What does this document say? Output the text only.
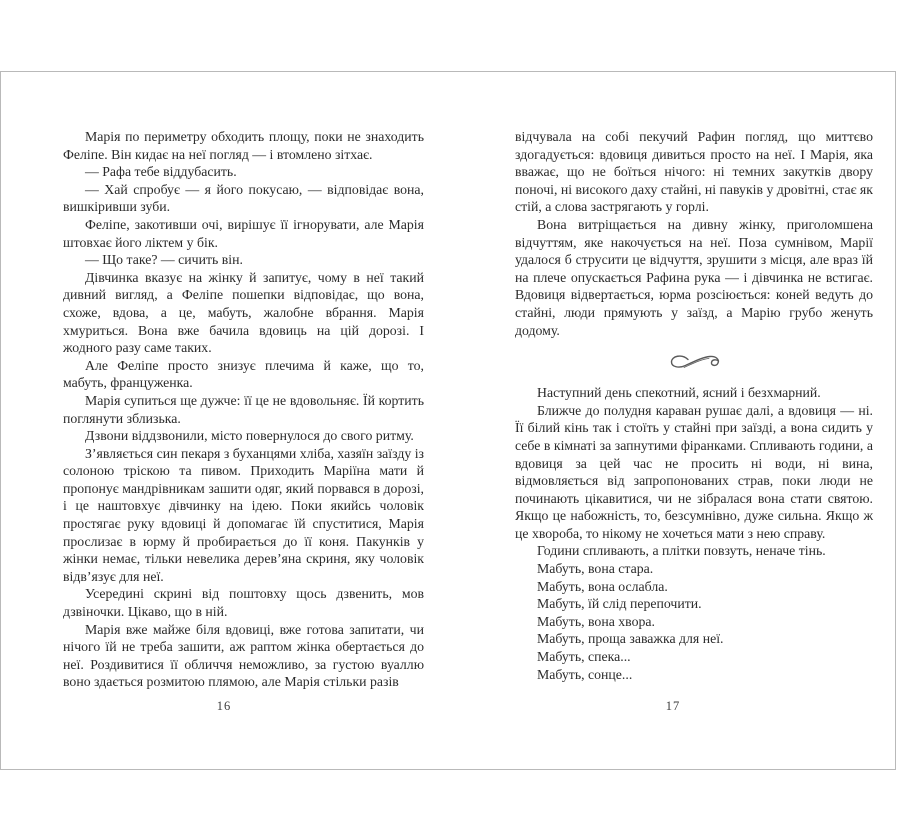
Марія по периметру обходить площу, поки не знаходить Феліпе. Він кидає на неї погляд — і втомлено зітхає.

— Рафа тебе віддубасить.

— Хай спробує — я його покусаю, — відповідає вона, вишкіривши зуби.

Феліпе, закотивши очі, вирішує її ігнорувати, але Марія штовхає його ліктем у бік.

— Що таке? — сичить він.

Дівчинка вказує на жінку й запитує, чому в неї такий дивний вигляд, а Феліпе пошепки відповідає, що вона, схоже, вдова, а це, мабуть, жалобне вбрання. Марія хмуриться. Вона вже бачила вдовиць на цій дорозі. І жодного разу саме таких.

Але Феліпе просто знизує плечима й каже, що то, мабуть, француженка.

Марія супиться ще дужче: її це не вдовольняє. Їй кортить поглянути зблизька.

Дзвони віддзвонили, місто повернулося до свого ритму.

З’являється син пекаря з буханцями хліба, хазяїн заїзду із солоною тріскою та пивом. Приходить Маріїна мати й пропонує мандрівникам зашити одяг, який порвався в дорозі, і це наштовхує дівчинку на ідею. Поки якийсь чоловік простягає руку вдовиці й допомагає їй спуститися, Марія прослизає в юрму й пробирається до її коня. Пакунків у жінки немає, тільки невелика дерев’яна скриня, яку чоловік відв’язує для неї.

Усередині скрині від поштовху щось дзвенить, мов дзвіночки. Цікаво, що в ній.

Марія вже майже біля вдовиці, вже готова запитати, чи нічого їй не треба зашити, аж раптом жінка обертається до неї. Роздивитися її обличчя неможливо, за густою вуаллю воно здається розмитою плямою, але Марія стільки разів

відчувала на собі пекучий Рафин погляд, що миттєво здогадується: вдовиця дивиться просто на неї. І Марія, яка вважає, що не боїться нічого: ні темних закутків двору поночі, ні високого даху стайні, ні павуків у дровітні, стає як стій, а слова застрягають у горлі.

Вона витріщається на дивну жінку, приголомшена відчуттям, яке накочується на неї. Поза сумнівом, Марії удалося б струсити це відчуття, зрушити з місця, але враз їй на плече опускається Рафина рука — і дівчинка не встигає. Вдовиця відвертається, юрма розсіюється: коней ведуть до стайні, люди прямують у заїзд, а Марію грубо женуть додому.

Наступний день спекотний, ясний і безхмарний.

Ближче до полудня караван рушає далі, а вдовиця — ні. Її білий кінь так і стоїть у стайні при заїзді, а вона сидить у себе в кімнаті за запнутими фіранками. Спливають години, а вдовиця за цей час не просить ні води, ні вина, відмовляється від запропонованих страв, поки люди не починають цікавитися, чи не зібралася вона стати святою. Якщо це набожність, то, безсумнівно, дуже сильна. Якщо ж це хвороба, то нікому не хочеться мати з нею справу.

Години спливають, а плітки повзуть, неначе тінь.

Мабуть, вона стара.

Мабуть, вона ослабла.

Мабуть, їй слід перепочити.

Мабуть, вона хвора.

Мабуть, проща заважка для неї.

Мабуть, спека...

Мабуть, сонце...

16	17
